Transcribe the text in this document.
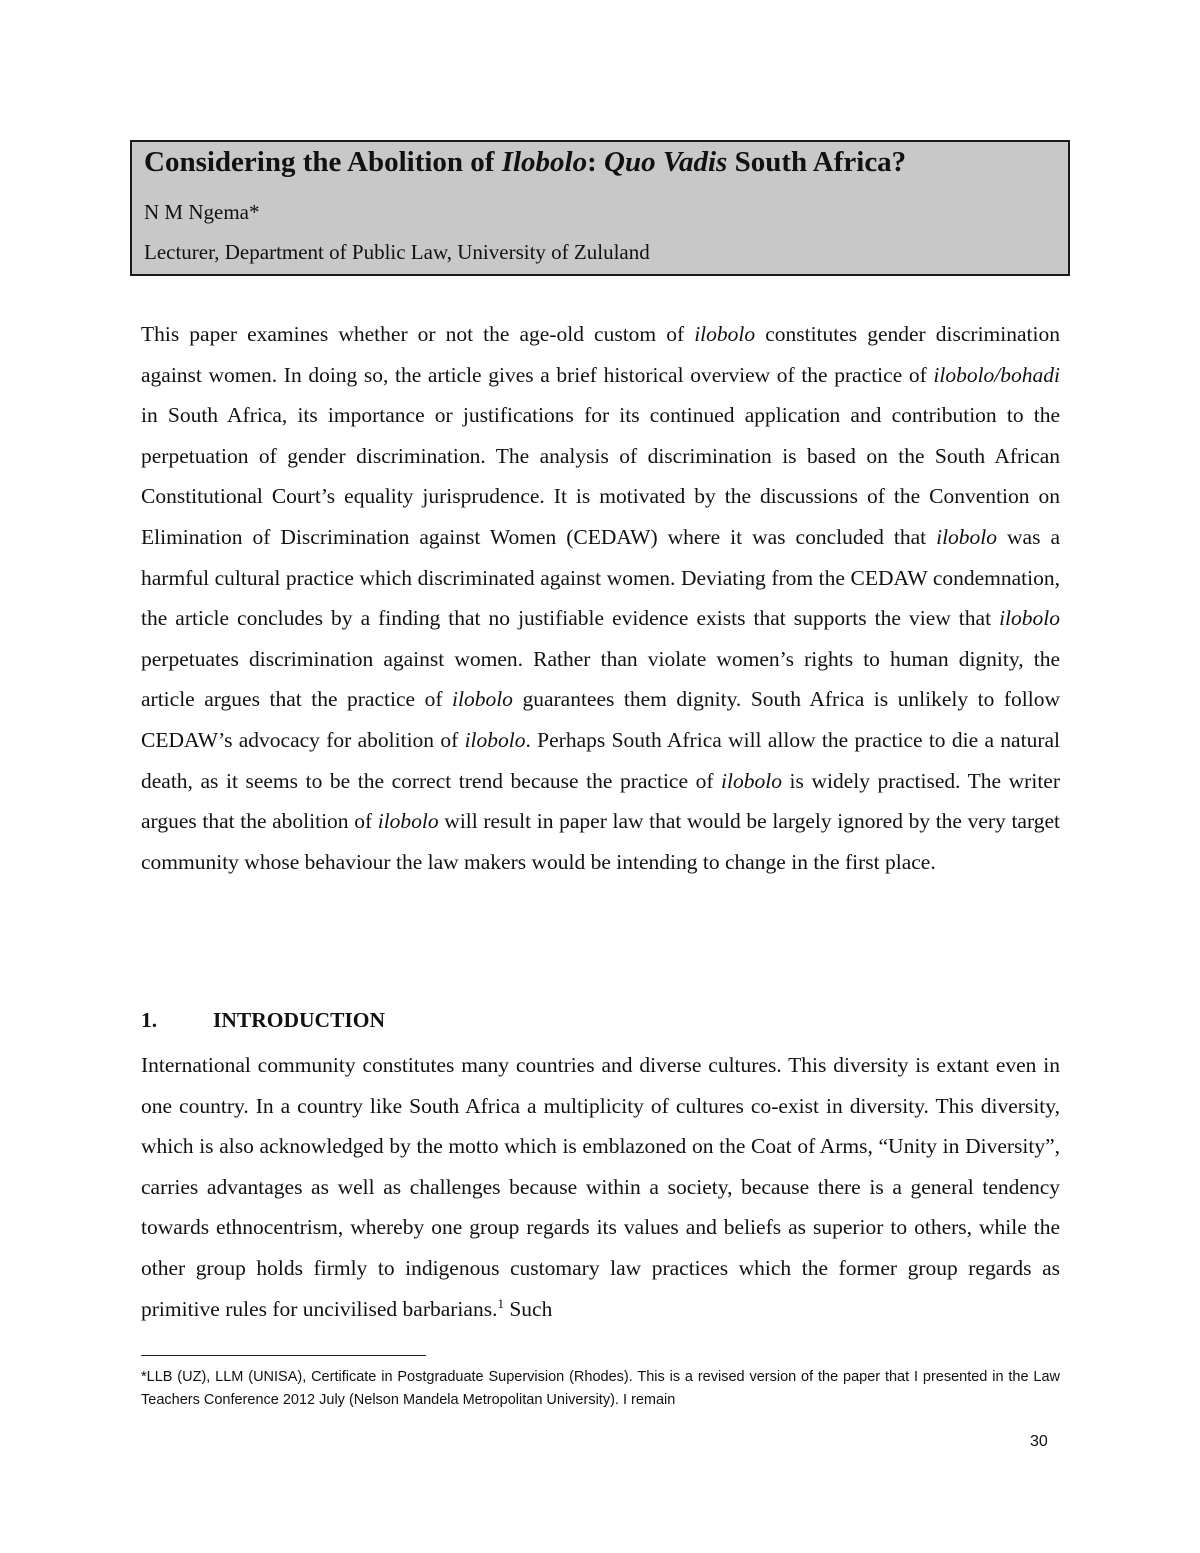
Considering the Abolition of Ilobolo: Quo Vadis South Africa?
N M Ngema*
Lecturer, Department of Public Law, University of Zululand

This paper examines whether or not the age-old custom of ilobolo constitutes gender discrimination against women. In doing so, the article gives a brief historical overview of the practice of ilobolo/bohadi in South Africa, its importance or justifications for its continued application and contribution to the perpetuation of gender discrimination. The analysis of discrimination is based on the South African Constitutional Court’s equality jurisprudence. It is motivated by the discussions of the Convention on Elimination of Discrimination against Women (CEDAW) where it was concluded that ilobolo was a harmful cultural practice which discriminated against women. Deviating from the CEDAW condemnation, the article concludes by a finding that no justifiable evidence exists that supports the view that ilobolo perpetuates discrimination against women. Rather than violate women’s rights to human dignity, the article argues that the practice of ilobolo guarantees them dignity. South Africa is unlikely to follow CEDAW’s advocacy for abolition of ilobolo. Perhaps South Africa will allow the practice to die a natural death, as it seems to be the correct trend because the practice of ilobolo is widely practised. The writer argues that the abolition of ilobolo will result in paper law that would be largely ignored by the very target community whose behaviour the law makers would be intending to change in the first place.

1.	INTRODUCTION

International community constitutes many countries and diverse cultures. This diversity is extant even in one country. In a country like South Africa a multiplicity of cultures co-exist in diversity. This diversity, which is also acknowledged by the motto which is emblazoned on the Coat of Arms, “Unity in Diversity”, carries advantages as well as challenges because within a society, because there is a general tendency towards ethnocentrism, whereby one group regards its values and beliefs as superior to others, while the other group holds firmly to indigenous customary law practices which the former group regards as primitive rules for uncivilised barbarians.$^1$ Such

*LLB (UZ), LLM (UNISA), Certificate in Postgraduate Supervision (Rhodes). This is a revised version of the paper that I presented in the Law Teachers Conference 2012 July (Nelson Mandela Metropolitan University). I remain

30
